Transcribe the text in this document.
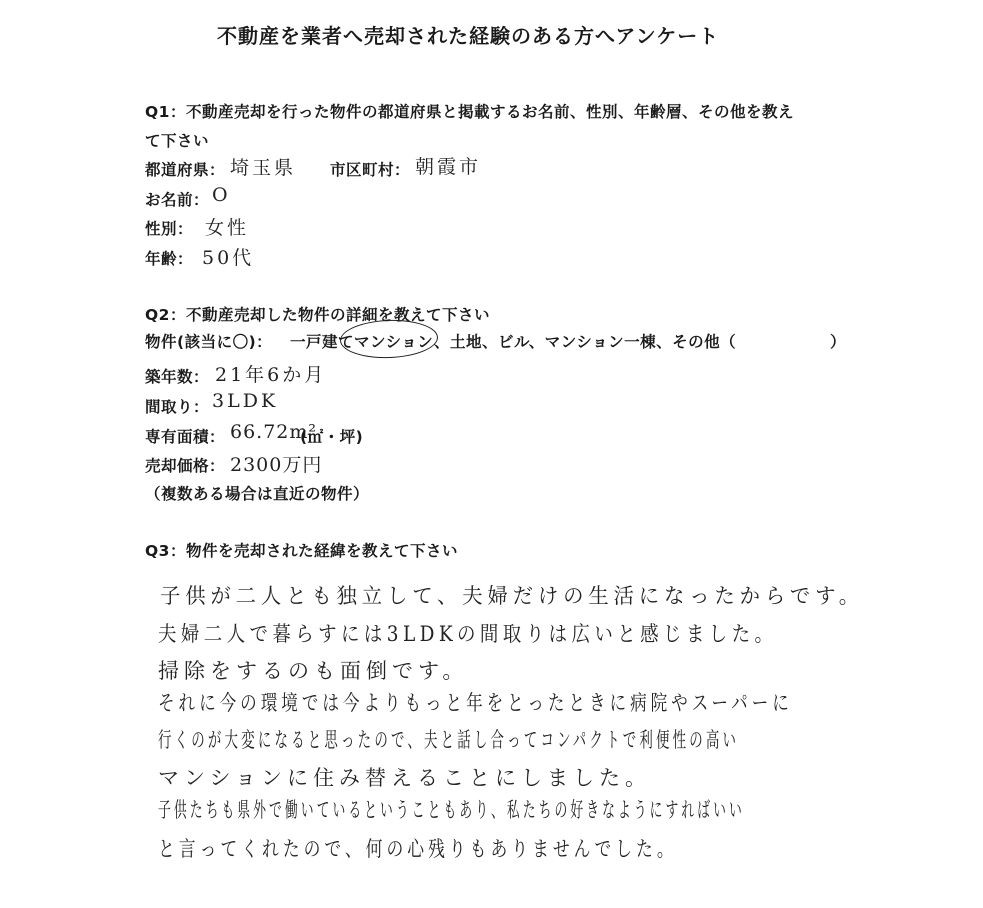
不動産を業者へ売却された経験のある方へアンケート
Q1：不動産売却を行った物件の都道府県と掲載するお名前、性別、年齢層、その他を教え
て下さい
都道府県： 埼玉県 市区町村： 朝霞市
お名前： O
性別： 女性
年齢： 50代
Q2：不動産売却した物件の詳細を教えて下さい
物件(該当に〇)： 一戸建て マンション 、土地、ビル、マンション一棟、その他（	）
築年数： 21年6か月
間取り： 3LDK
専有面積： 66.72m²
(㎡・坪)
売却価格： 2300万円
（複数ある場合は直近の物件）
Q3：物件を売却された経緯を教えて下さい
子供が二人とも独立して、夫婦だけの生活になったからです。
夫婦二人で暮らすには3LDKの間取りは広いと感じました。
掃除をするのも面倒です。
それに今の環境では今よりもっと年をとったときに病院やスーパーに
行くのが大変になると思ったので、夫と話し合ってコンパクトで利便性の高い
マンションに住み替えることにしました。
子供たちも県外で働いているということもあり、私たちの好きなようにすればいい
と言ってくれたので、何の心残りもありませんでした。
